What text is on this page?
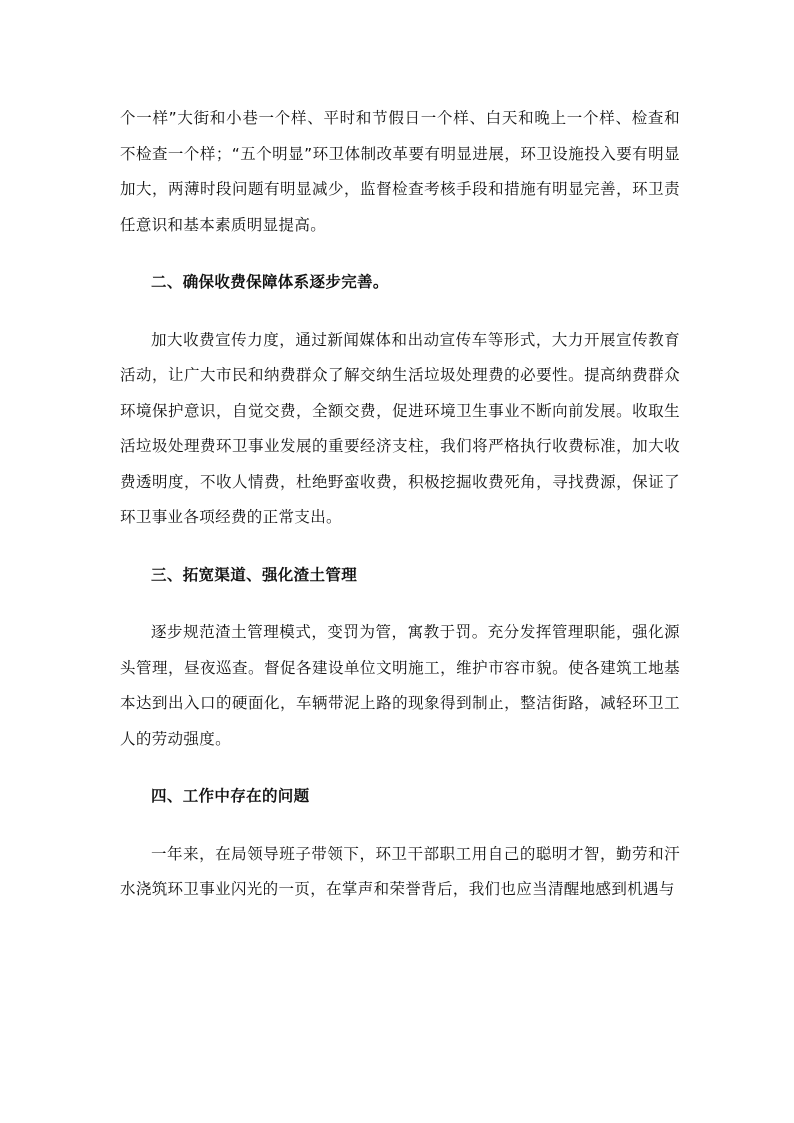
个一样”大街和小巷一个样、平时和节假日一个样、白天和晚上一个样、检查和不检查一个样；“五个明显”环卫体制改革要有明显进展，环卫设施投入要有明显加大，两薄时段问题有明显减少，监督检查考核手段和措施有明显完善，环卫责任意识和基本素质明显提高。

二、确保收费保障体系逐步完善。

加大收费宣传力度，通过新闻媒体和出动宣传车等形式，大力开展宣传教育活动，让广大市民和纳费群众了解交纳生活垃圾处理费的必要性。提高纳费群众环境保护意识，自觉交费，全额交费，促进环境卫生事业不断向前发展。收取生活垃圾处理费环卫事业发展的重要经济支柱，我们将严格执行收费标准，加大收费透明度，不收人情费，杜绝野蛮收费，积极挖掘收费死角，寻找费源，保证了环卫事业各项经费的正常支出。

三、拓宽渠道、强化渣土管理

逐步规范渣土管理模式，变罚为管，寓教于罚。充分发挥管理职能，强化源头管理，昼夜巡查。督促各建设单位文明施工，维护市容市貌。使各建筑工地基本达到出入口的硬面化，车辆带泥上路的现象得到制止，整洁街路，减轻环卫工人的劳动强度。

四、工作中存在的问题

一年来，在局领导班子带领下，环卫干部职工用自己的聪明才智，勤劳和汗水浇筑环卫事业闪光的一页，在掌声和荣誉背后，我们也应当清醒地感到机遇与
